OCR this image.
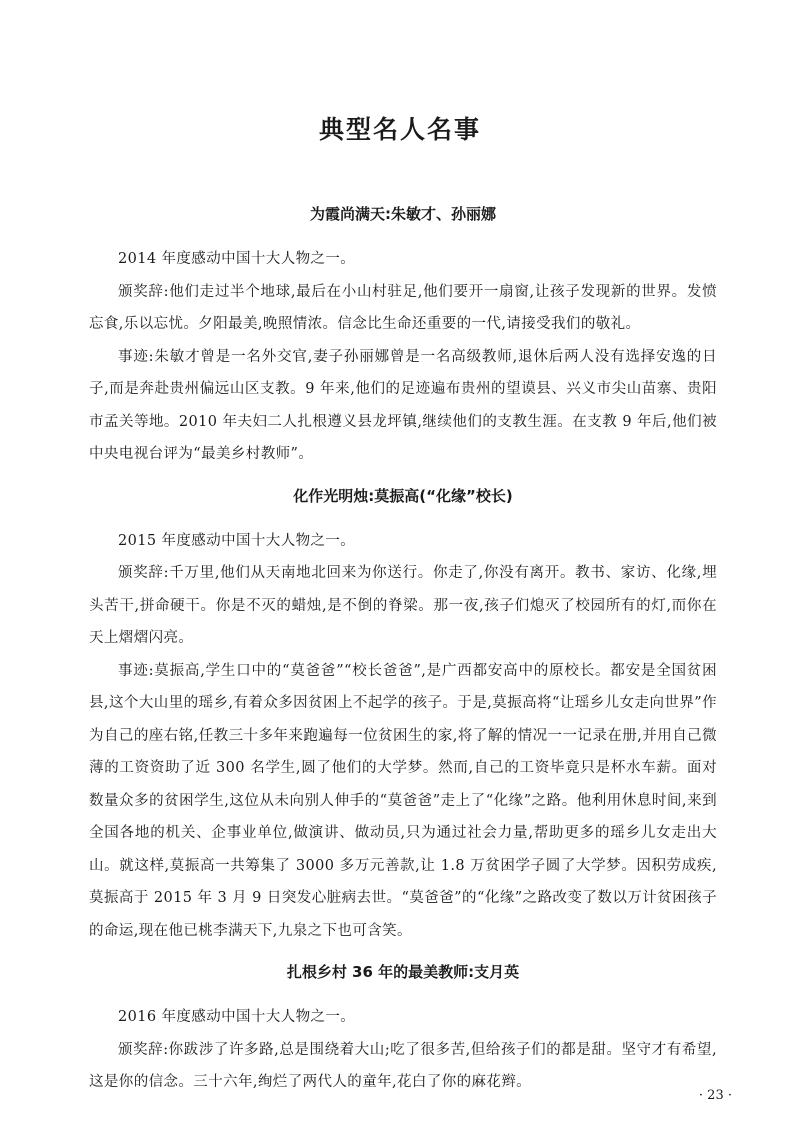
典型名人名事
为霞尚满天:朱敏才、孙丽娜

2014 年度感动中国十大人物之一。

颁奖辞:他们走过半个地球,最后在小山村驻足,他们要开一扇窗,让孩子发现新的世界。发愤忘食,乐以忘忧。夕阳最美,晚照情浓。信念比生命还重要的一代,请接受我们的敬礼。

事迹:朱敏才曾是一名外交官,妻子孙丽娜曾是一名高级教师,退休后两人没有选择安逸的日子,而是奔赴贵州偏远山区支教。9 年来,他们的足迹遍布贵州的望谟县、兴义市尖山苗寨、贵阳市孟关等地。2010 年夫妇二人扎根遵义县龙坪镇,继续他们的支教生涯。在支教 9 年后,他们被中央电视台评为“最美乡村教师”。

化作光明烛:莫振高(“化缘”校长)

2015 年度感动中国十大人物之一。

颁奖辞:千万里,他们从天南地北回来为你送行。你走了,你没有离开。教书、家访、化缘,埋头苦干,拼命硬干。你是不灭的蜡烛,是不倒的脊梁。那一夜,孩子们熄灭了校园所有的灯,而你在天上熠熠闪亮。

事迹:莫振高,学生口中的“莫爸爸”“校长爸爸”,是广西都安高中的原校长。都安是全国贫困县,这个大山里的瑶乡,有着众多因贫困上不起学的孩子。于是,莫振高将“让瑶乡儿女走向世界”作为自己的座右铭,任教三十多年来跑遍每一位贫困生的家,将了解的情况一一记录在册,并用自己微薄的工资资助了近 300 名学生,圆了他们的大学梦。然而,自己的工资毕竟只是杯水车薪。面对数量众多的贫困学生,这位从未向别人伸手的“莫爸爸”走上了“化缘”之路。他利用休息时间,来到全国各地的机关、企事业单位,做演讲、做动员,只为通过社会力量,帮助更多的瑶乡儿女走出大山。就这样,莫振高一共筹集了 3000 多万元善款,让 1.8 万贫困学子圆了大学梦。因积劳成疾,莫振高于 2015 年 3 月 9 日突发心脏病去世。“莫爸爸”的“化缘”之路改变了数以万计贫困孩子的命运,现在他已桃李满天下,九泉之下也可含笑。

扎根乡村 36 年的最美教师:支月英

2016 年度感动中国十大人物之一。

颁奖辞:你跋涉了许多路,总是围绕着大山;吃了很多苦,但给孩子们的都是甜。坚守才有希望,这是你的信念。三十六年,绚烂了两代人的童年,花白了你的麻花辫。

· 23 ·
